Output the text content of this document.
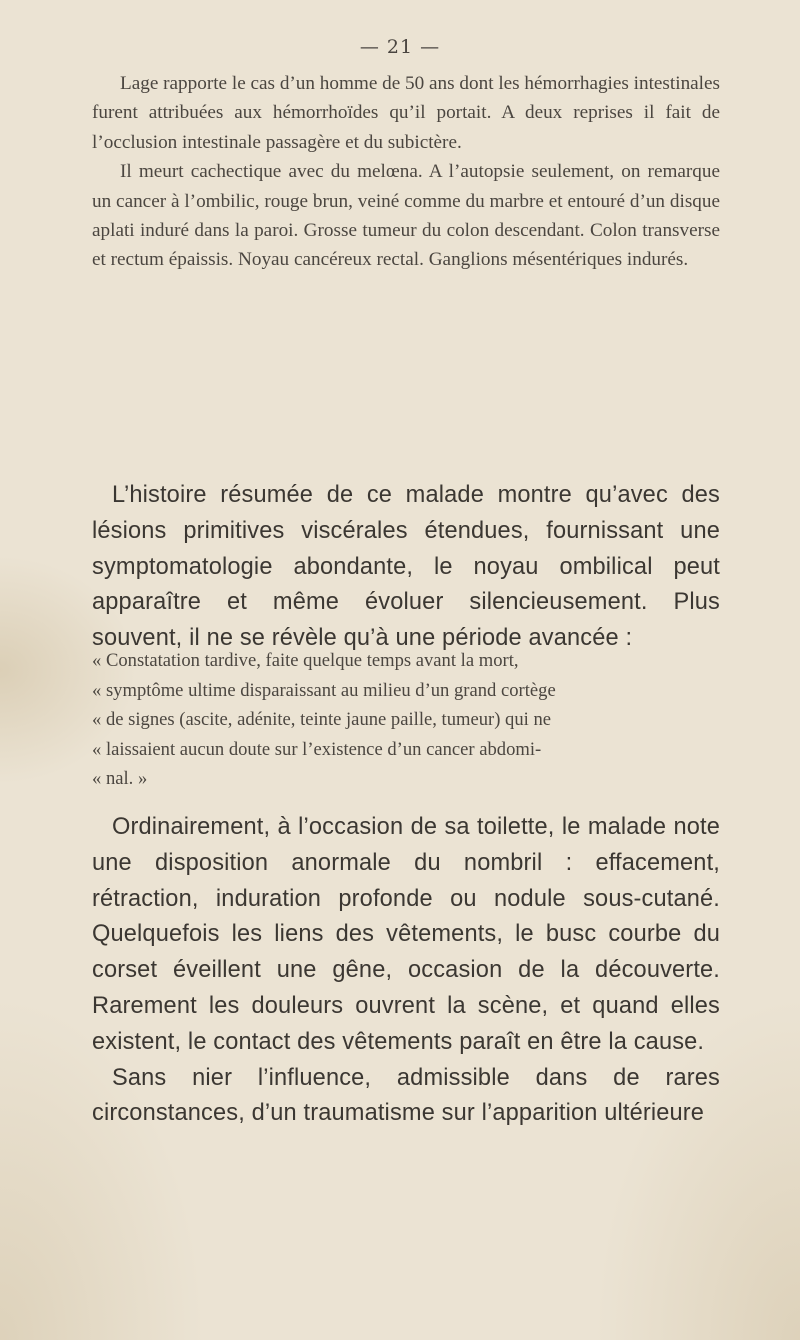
— 21 —

Lage rapporte le cas d’un homme de 50 ans dont les hémorrhagies intestinales furent attribuées aux hémorrhoïdes qu’il portait. A deux reprises il fait de l’occlusion intestinale passagère et du subictère.

Il meurt cachectique avec du melœna. A l’autopsie seulement, on remarque un cancer à l’ombilic, rouge brun, veiné comme du marbre et entouré d’un disque aplati induré dans la paroi. Grosse tumeur du colon descendant. Colon transverse et rectum épaissis. Noyau cancéreux rectal. Ganglions mésentériques indurés.

L’histoire résumée de ce malade montre qu’avec des lésions primitives viscérales étendues, fournissant une symptomatologie abondante, le noyau ombilical peut apparaître et même évoluer silencieusement. Plus souvent, il ne se révèle qu’à une période avancée :

« Constatation tardive, faite quelque temps avant la mort,

« symptôme ultime disparaissant au milieu d’un grand cortège

« de signes (ascite, adénite, teinte jaune paille, tumeur) qui ne

« laissaient aucun doute sur l’existence d’un cancer abdomi-

« nal. »

Ordinairement, à l’occasion de sa toilette, le malade note une disposition anormale du nombril : effacement, rétraction, induration profonde ou nodule sous-cutané. Quelquefois les liens des vêtements, le busc courbe du corset éveillent une gêne, occasion de la découverte. Rarement les douleurs ouvrent la scène, et quand elles existent, le contact des vêtements paraît en être la cause.

Sans nier l’influence, admissible dans de rares circonstances, d’un traumatisme sur l’apparition ultérieure
